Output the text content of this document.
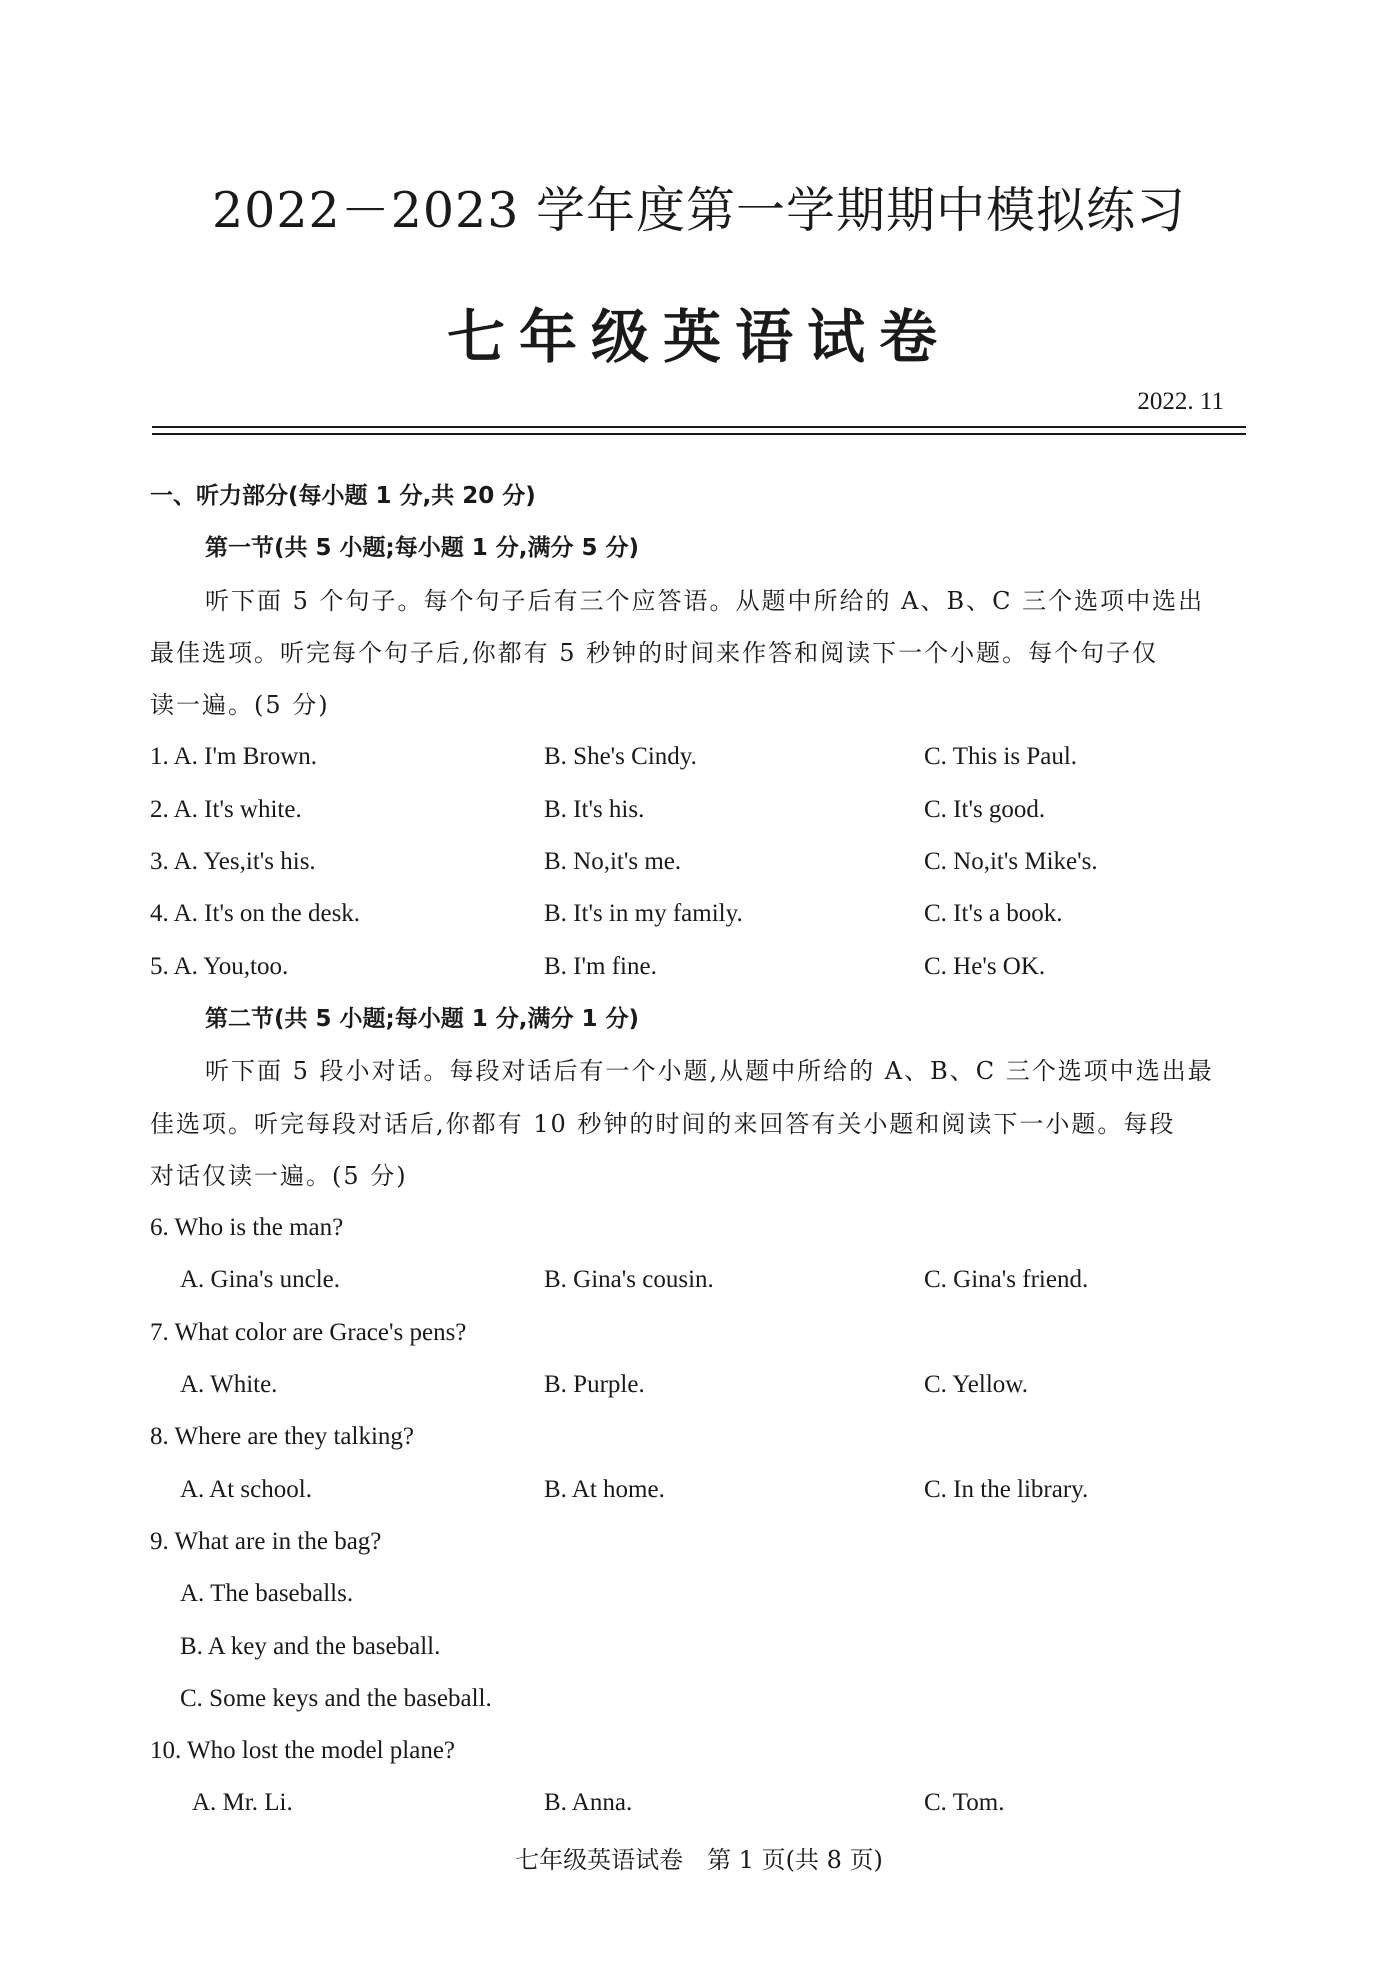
2022－2023 学年度第一学期期中模拟练习
七年级英语试卷
2022. 11
一、听力部分(每小题 1 分,共 20 分)
第一节(共 5 小题;每小题 1 分,满分 5 分)
听下面 5 个句子。每个句子后有三个应答语。从题中所给的 A、B、C 三个选项中选出
最佳选项。听完每个句子后,你都有 5 秒钟的时间来作答和阅读下一个小题。每个句子仅
读一遍。(5 分)
1. A. I'm Brown.	B. She's Cindy.	C. This is Paul.
2. A. It's white.	B. It's his.	C. It's good.
3. A. Yes,it's his.	B. No,it's me.	C. No,it's Mike's.
4. A. It's on the desk.	B. It's in my family.	C. It's a book.
5. A. You,too.	B. I'm fine.	C. He's OK.
第二节(共 5 小题;每小题 1 分,满分 1 分)
听下面 5 段小对话。每段对话后有一个小题,从题中所给的 A、B、C 三个选项中选出最
佳选项。听完每段对话后,你都有 10 秒钟的时间的来回答有关小题和阅读下一小题。每段
对话仅读一遍。(5 分)
6. Who is the man?
A. Gina's uncle.	B. Gina's cousin.	C. Gina's friend.
7. What color are Grace's pens?
A. White.	B. Purple.	C. Yellow.
8. Where are they talking?
A. At school.	B. At home.	C. In the library.
9. What are in the bag?
A. The baseballs.
B. A key and the baseball.
C. Some keys and the baseball.
10. Who lost the model plane?
A. Mr. Li.	B. Anna.	C. Tom.
七年级英语试卷　第 1 页(共 8 页)
